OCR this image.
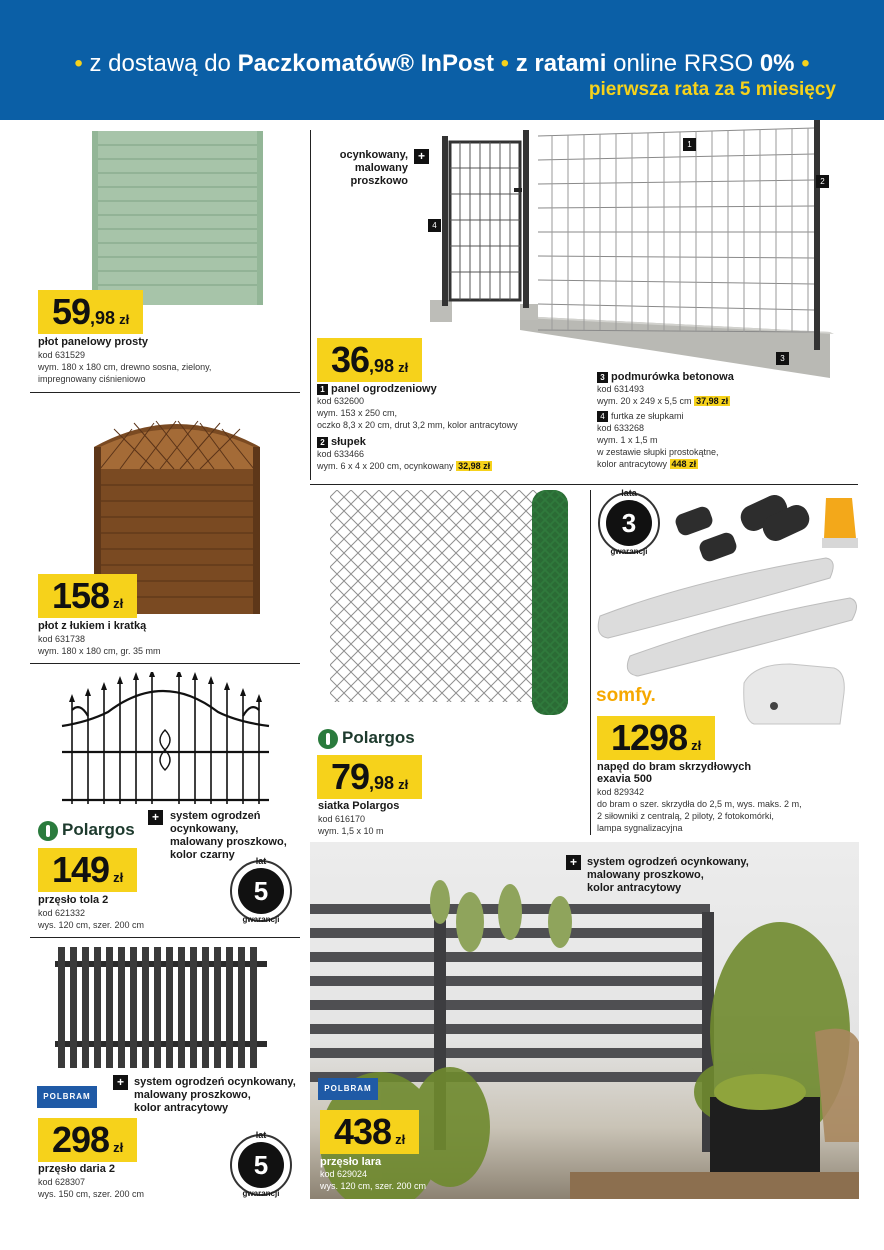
• z dostawą do Paczkomatów® InPost • z ratami online RRSO 0% •
pierwsza rata za 5 miesięcy
59,98 zł
płot panelowy prosty
kod 631529
wym. 180 x 180 cm, drewno sosna, zielony,
impregnowany ciśnieniowo
158 zł
płot z łukiem i kratką
kod 631738
wym. 180 x 180 cm, gr. 35 mm
Polargos
+ system ogrodzeń
ocynkowany,
malowany proszkowo,
kolor czarny
149 zł	5
lat
gwarancji
przęsło tola 2
kod 621332
wys. 120 cm, szer. 200 cm
POLBRAM
+ system ogrodzeń ocynkowany,
malowany proszkowo,
kolor antracytowy
298 zł
5
lat
gwarancji
przęsło daria 2
kod 628307
wys. 150 cm, szer. 200 cm
1
2
3
4
ocynkowany,
malowany
proszkowo
+
36,98 zł
1 panel ogrodzeniowy
kod 632600
wym. 153 x 250 cm,
oczko 8,3 x 20 cm, drut 3,2 mm, kolor antracytowy
2 słupek
kod 633466
wym. 6 x 4 x 200 cm, ocynkowany 32,98 zł
3 podmurówka betonowa
kod 631493
wym. 20 x 249 x 5,5 cm 37,98 zł
4 furtka ze słupkami
kod 633268
wym. 1 x 1,5 m
w zestawie słupki prostokątne,
kolor antracytowy 448 zł
Polargos
79,98 zł
siatka Polargos
kod 616170
wym. 1,5 x 10 m
3
lata
gwarancji
somfy.
1298 zł
napęd do bram skrzydłowych
exavia 500
kod 829342
do bram o szer. skrzydła do 2,5 m, wys. maks. 2 m,
2 siłowniki z centralą, 2 piloty, 2 fotokomórki,
lampa sygnalizacyjna
POLBRAM
+ system ogrodzeń ocynkowany,
malowany proszkowo,
kolor antracytowy
438 zł
przęsło lara
kod 629024
wys. 120 cm, szer. 200 cm
